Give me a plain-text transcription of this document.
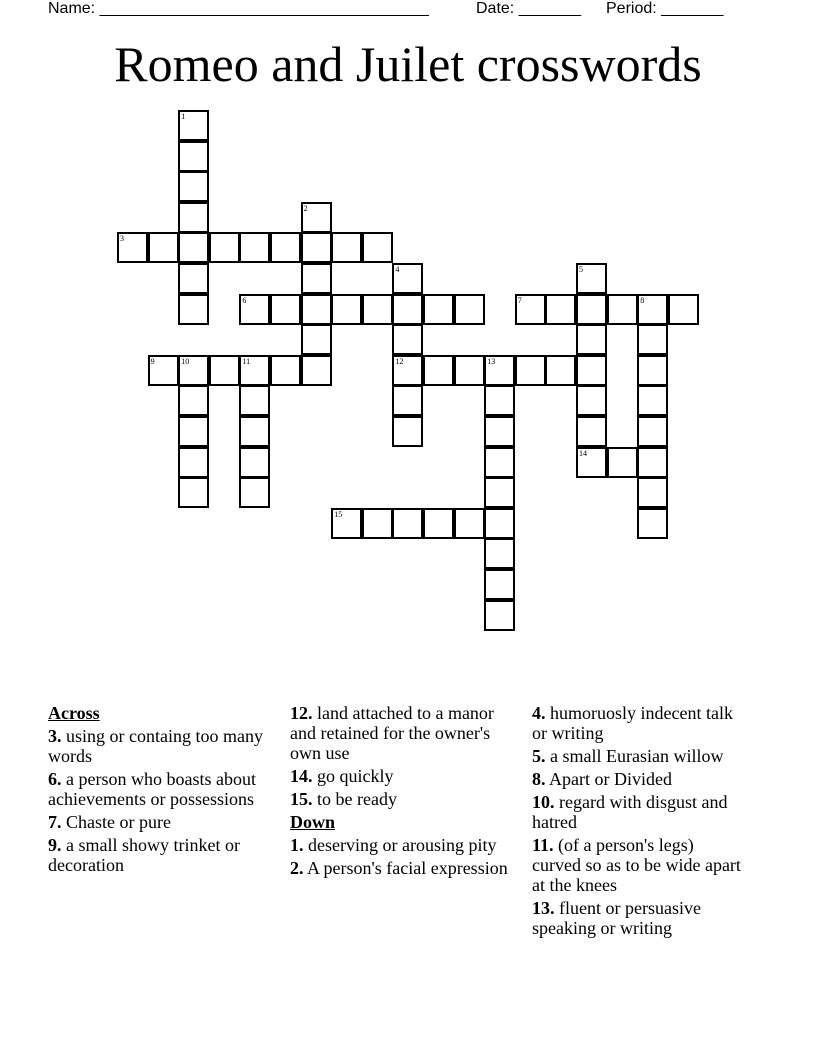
Name: _____________________________________	Date: _______ Period: _______
Romeo and Juilet crosswords
1
2
3
4
12
5
6	7	8
9	10	11	13
14
15
Across
3. using or containg too many words
6. a person who boasts about achievements or possessions
7. Chaste or pure
9. a small showy trinket or decoration
12. land attached to a manor and retained for the owner's own use
14. go quickly
15. to be ready
Down
1. deserving or arousing pity
2. A person's facial expression
4. humoruosly indecent talk or writing
5. a small Eurasian willow
8. Apart or Divided
10. regard with disgust and hatred
11. (of a person's legs) curved so as to be wide apart at the knees
13. fluent or persuasive speaking or writing
